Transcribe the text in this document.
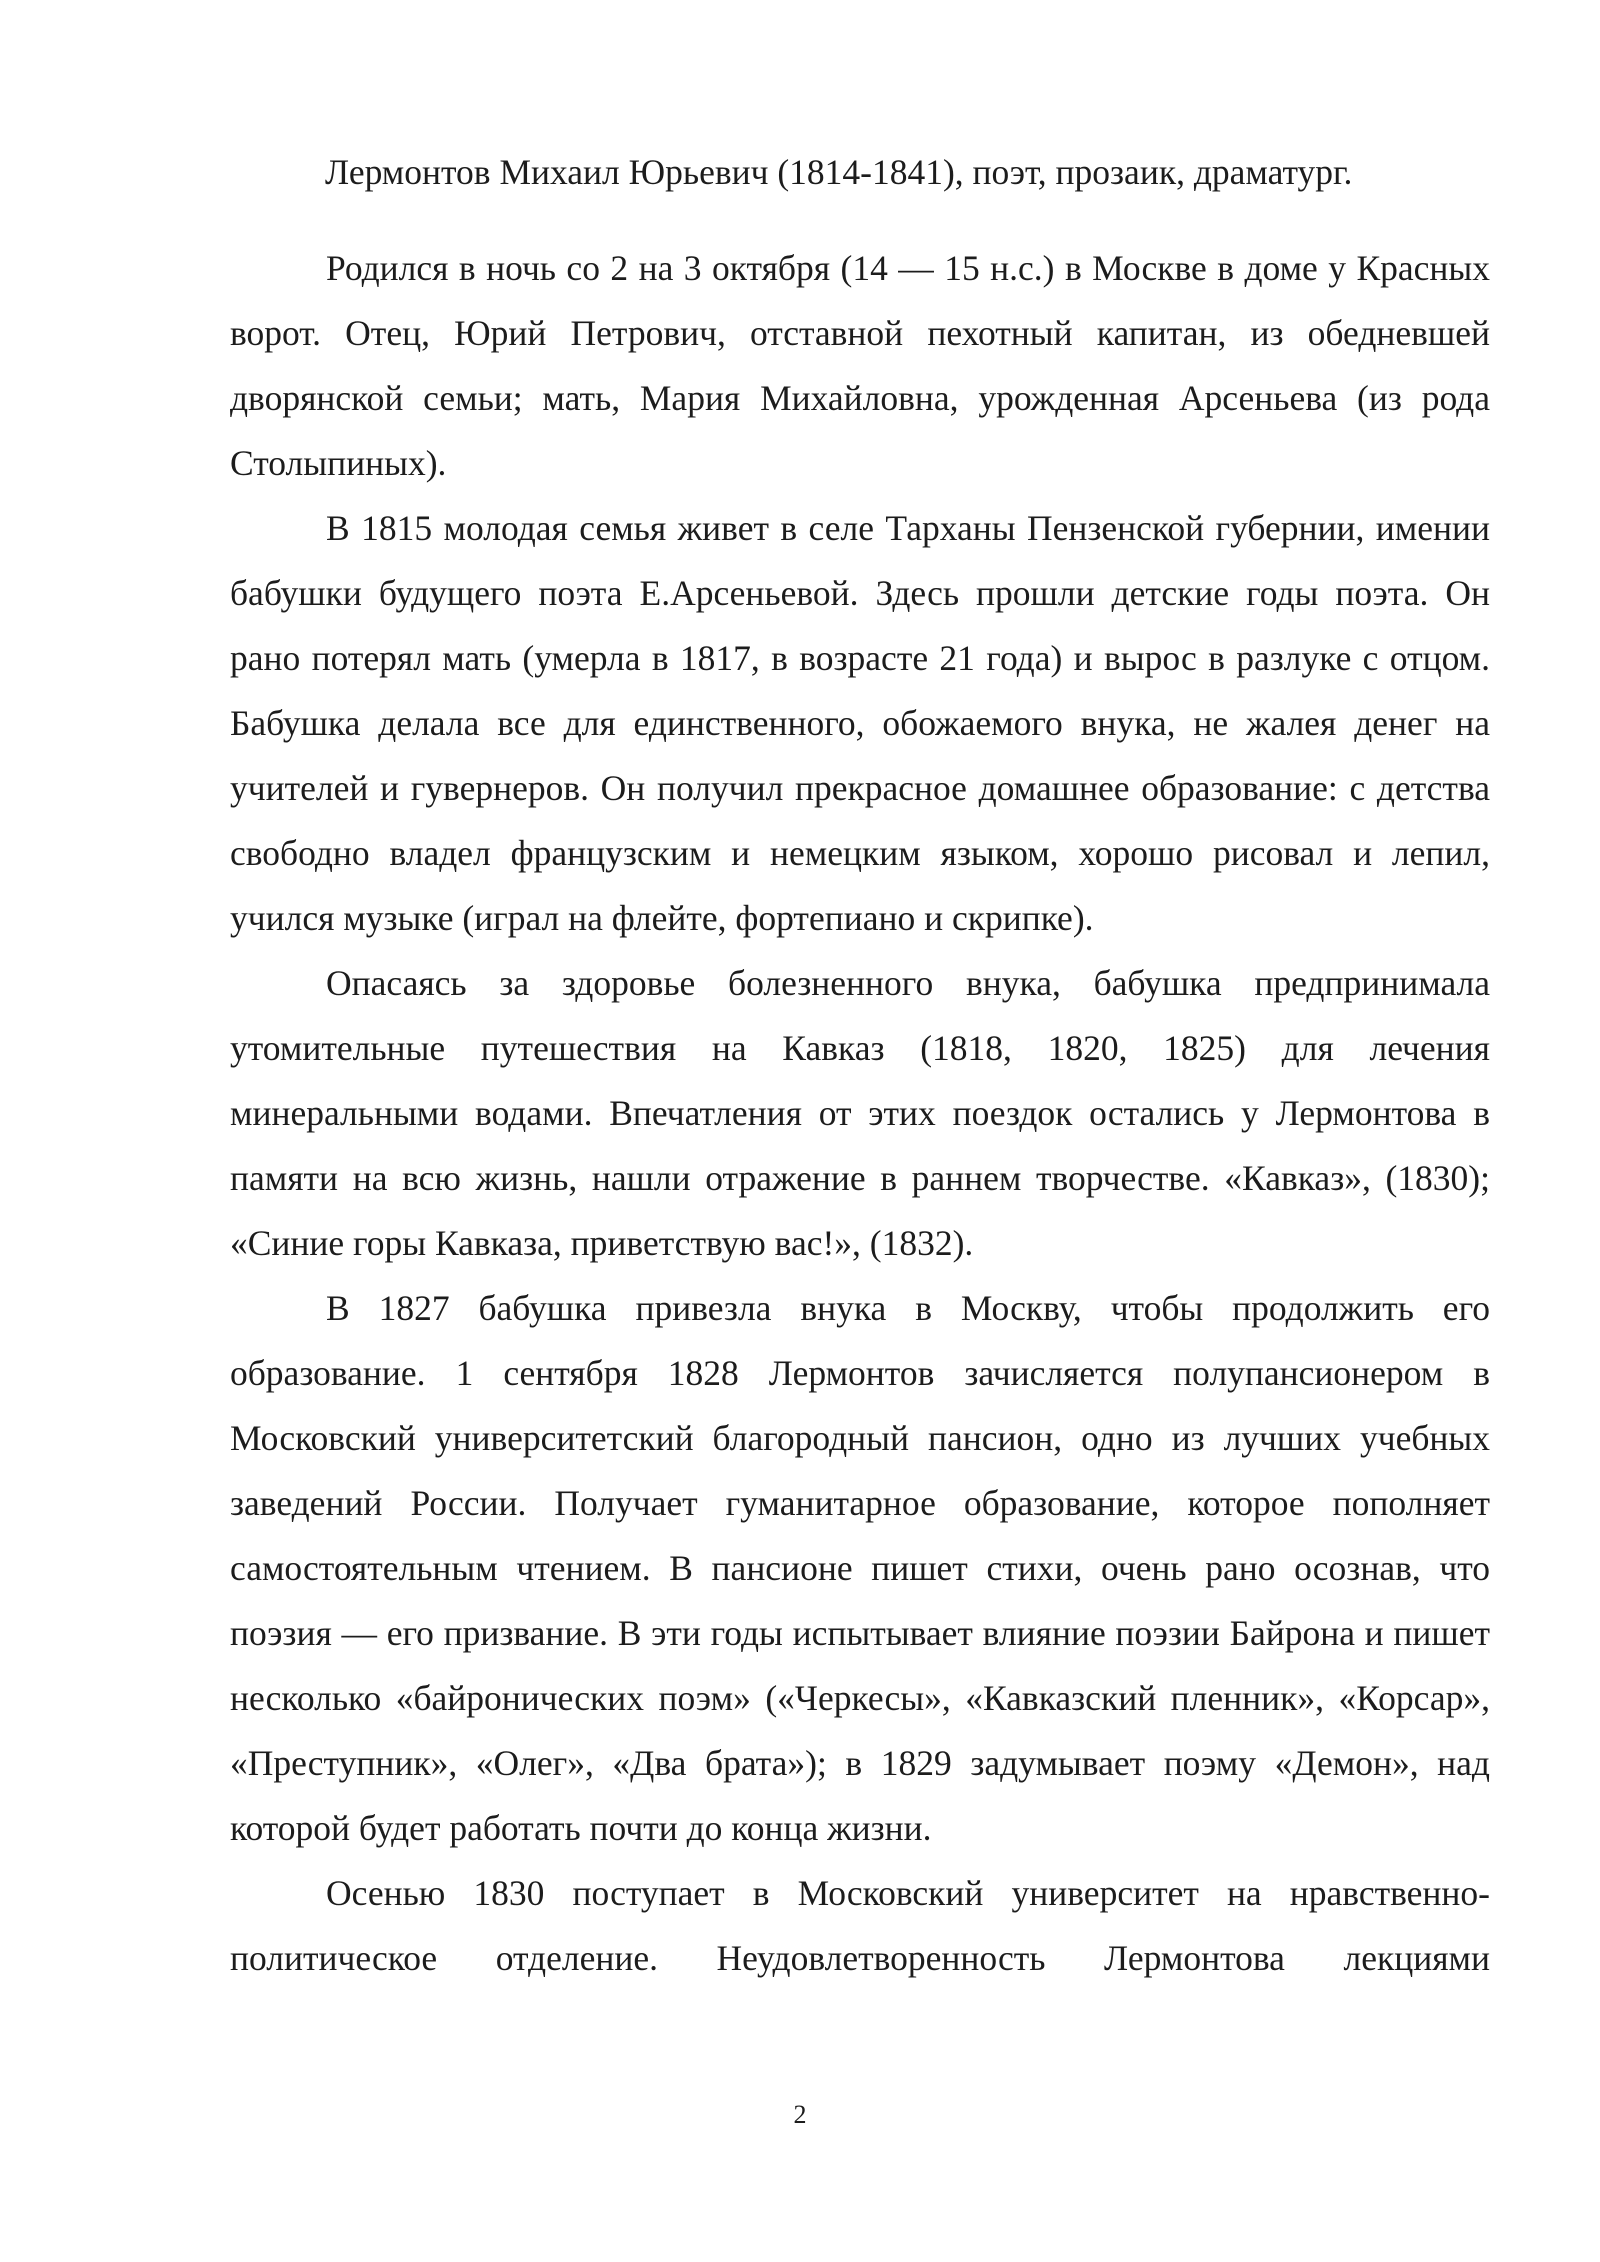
Лермонтов Михаил Юрьевич (1814-1841), поэт, прозаик, драматург.

Родился в ночь со 2 на 3 октября (14 — 15 н.с.) в Москве в доме у Красных ворот. Отец, Юрий Петрович, отставной пехотный капитан, из обедневшей дворянской семьи; мать, Мария Михайловна, урожденная Арсеньева (из рода Столыпиных).

В 1815 молодая семья живет в селе Тарханы Пензенской губернии, имении бабушки будущего поэта Е.Арсеньевой. Здесь прошли детские годы поэта. Он рано потерял мать (умерла в 1817, в возрасте 21 года) и вырос в разлуке с отцом. Бабушка делала все для единственного, обожаемого внука, не жалея денег на учителей и гувернеров. Он получил прекрасное домашнее образование: с детства свободно владел французским и немецким языком, хорошо рисовал и лепил, учился музыке (играл на флейте, фортепиано и скрипке).

Опасаясь за здоровье болезненного внука, бабушка предпринимала утомительные путешествия на Кавказ (1818, 1820, 1825) для лечения минеральными водами. Впечатления от этих поездок остались у Лермонтова в памяти на всю жизнь, нашли отражение в раннем творчестве. «Кавказ», (1830); «Синие горы Кавказа, приветствую вас!», (1832).

В 1827 бабушка привезла внука в Москву, чтобы продолжить его образование. 1 сентября 1828 Лермонтов зачисляется полупансионером в Московский университетский благородный пансион, одно из лучших учебных заведений России. Получает гуманитарное образование, которое пополняет самостоятельным чтением. В пансионе пишет стихи, очень рано осознав, что поэзия — его призвание. В эти годы испытывает влияние поэзии Байрона и пишет несколько «байронических поэм» («Черкесы», «Кавказский пленник», «Корсар», «Преступник», «Олег», «Два брата»); в 1829 задумывает поэму «Демон», над которой будет работать почти до конца жизни.

Осенью 1830 поступает в Московский университет на нравственно-политическое отделение. Неудовлетворенность Лермонтова лекциями

2
